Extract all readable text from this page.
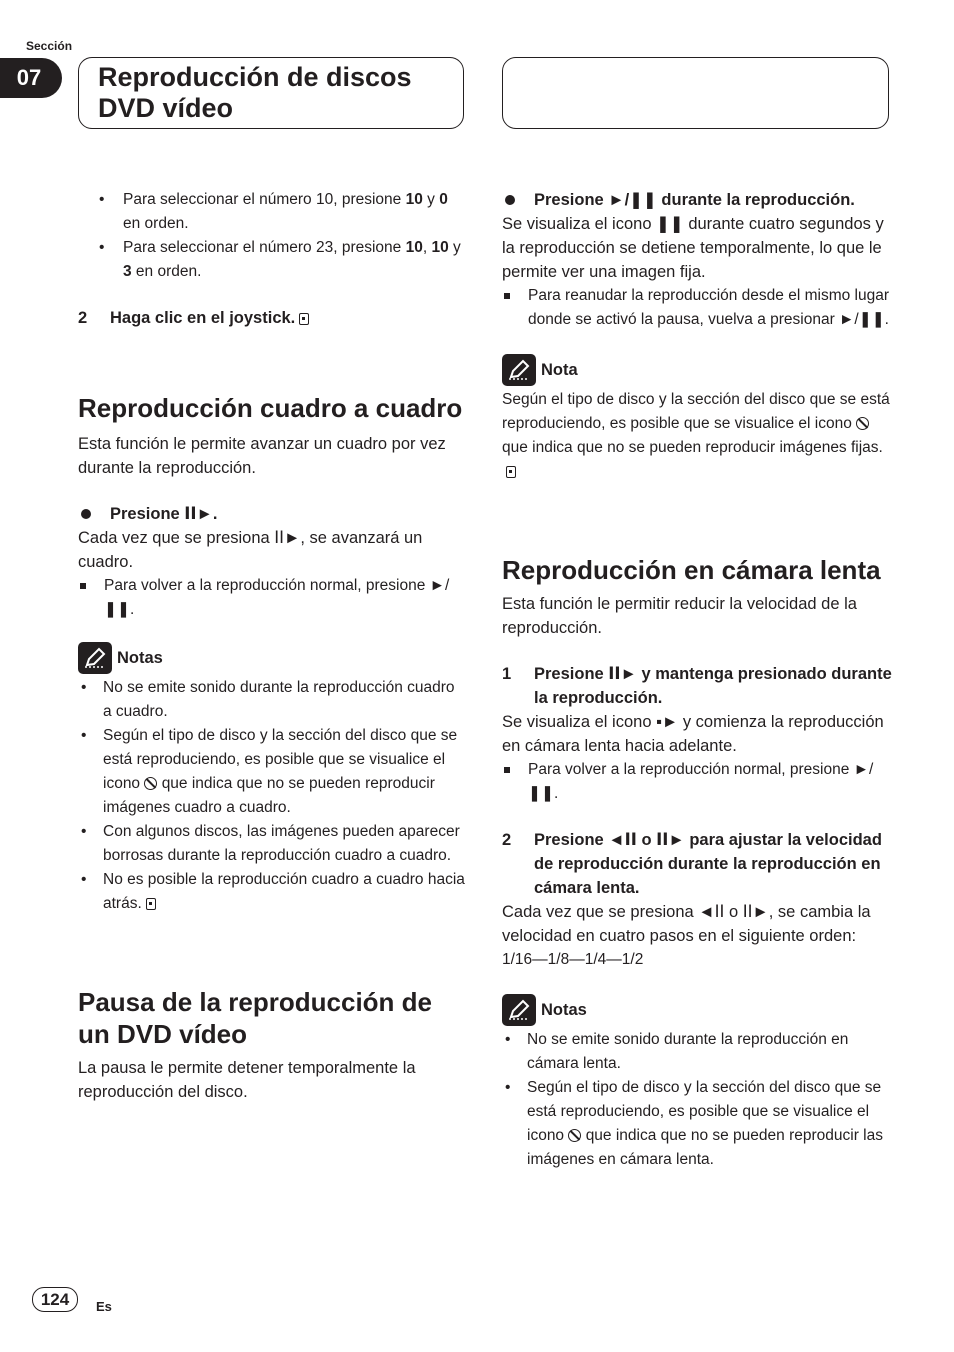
Sección
07	Reproducción de discos
DVD vídeo
• Para seleccionar el número 10, presione 10 y 0 en orden.
• Para seleccionar el número 23, presione 10, 10 y 3 en orden.
2 Haga clic en el joystick.

Reproducción cuadro a cuadro

Esta función le permite avanzar un cuadro por vez durante la reproducción.

Presione ⅠⅠ►.

Cada vez que se presiona ⅠⅠ►, se avanzará un cuadro.

Para volver a la reproducción normal, presione ►/❚❚.
Notas
• No se emite sonido durante la reproducción cuadro a cuadro.
• Según el tipo de disco y la sección del disco que se está reproduciendo, es posible que se visualice el icono que indica que no se pueden reproducir imágenes cuadro a cuadro.
• Con algunos discos, las imágenes pueden aparecer borrosas durante la reproducción cuadro a cuadro.
• No es posible la reproducción cuadro a cuadro hacia atrás.

Pausa de la reproducción de un DVD vídeo

La pausa le permite detener temporalmente la reproducción del disco.

Presione ►/❚❚ durante la reproducción.

Se visualiza el icono ❚❚ durante cuatro segundos y la reproducción se detiene temporalmente, lo que le permite ver una imagen fija.

Para reanudar la reproducción desde el mismo lugar donde se activó la pausa, vuelva a presionar ►/❚❚.
Nota

Según el tipo de disco y la sección del disco que se está reproduciendo, es posible que se visualice el icono  que indica que no se pueden reproducir imágenes fijas.

Reproducción en cámara lenta

Esta función le permitir reducir la velocidad de la reproducción.

1 Presione ⅠⅠ► y mantenga presionado durante la reproducción.

Se visualiza el icono ▪► y comienza la reproducción en cámara lenta hacia adelante.

Para volver a la reproducción normal, presione ►/❚❚.
2 Presione ◄ⅠⅠ o ⅠⅠ► para ajustar la velocidad de reproducción durante la reproducción en cámara lenta.

Cada vez que se presiona ◄ⅠⅠ o ⅠⅠ►, se cambia la velocidad en cuatro pasos en el siguiente orden:

1/16—1/8—1/4—1/2

Notas
• No se emite sonido durante la reproducción en cámara lenta.
• Según el tipo de disco y la sección del disco que se está reproduciendo, es posible que se visualice el icono que indica que no se pueden reproducir las imágenes en cámara lenta.
124	Es
